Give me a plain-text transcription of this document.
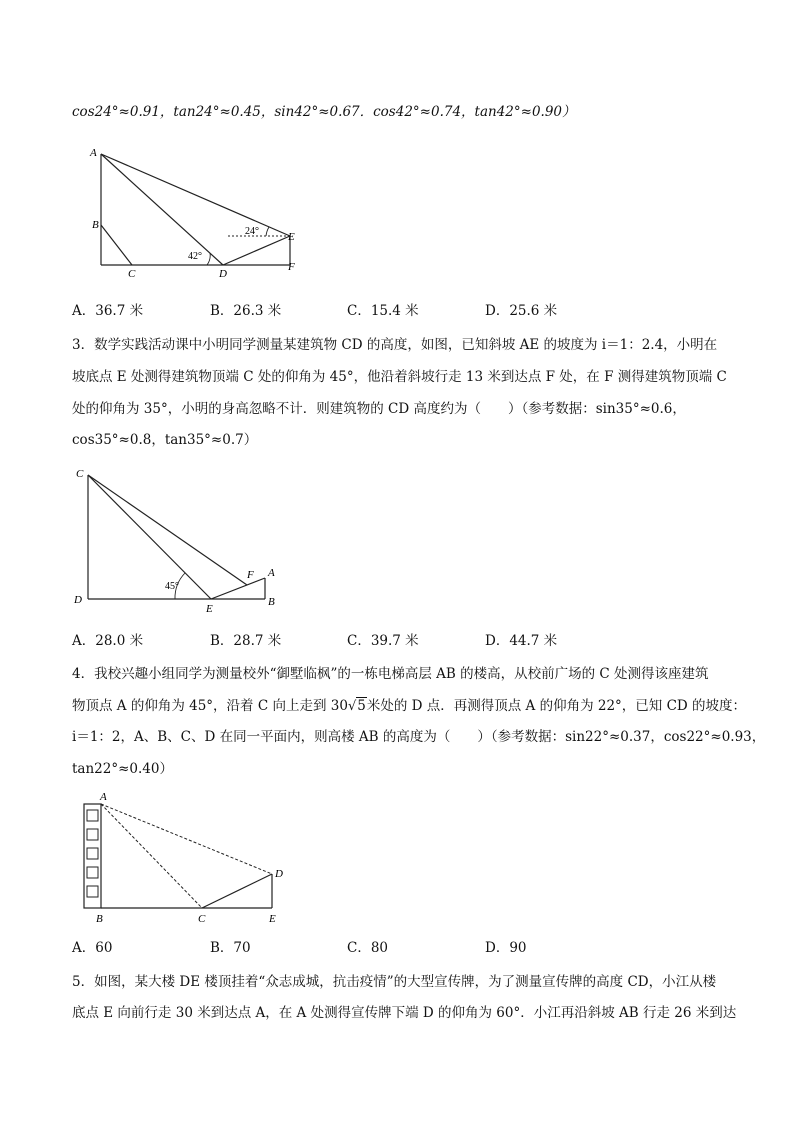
cos24°≈0.91，tan24°≈0.45，sin42°≈0.67．cos42°≈0.74，tan42°≈0.90）
A
B
C	D
E
F
24°
42°
A．36.7 米	B．26.3 米	C．15.4 米	D．25.6 米
3．数学实践活动课中小明同学测量某建筑物 CD 的高度，如图，已知斜坡 AE 的坡度为 i＝1：2.4，小明在
坡底点 E 处测得建筑物顶端 C 处的仰角为 45°，他沿着斜坡行走 13 米到达点 F 处，在 F 测得建筑物顶端 C
处的仰角为 35°，小明的身高忽略不计．则建筑物的 CD 高度约为（　　）（参考数据：sin35°≈0.6，
cos35°≈0.8，tan35°≈0.7）
C
D
E
F A
B
45°
A．28.0 米	B．28.7 米	C．39.7 米	D．44.7 米
4．我校兴趣小组同学为测量校外“御墅临枫”的一栋电梯高层 AB 的楼高，从校前广场的 C 处测得该座建筑
物顶点 A 的仰角为 45°，沿着 C 向上走到 30√5米处的 D 点．再测得顶点 A 的仰角为 22°，已知 CD 的坡度：
i＝1：2，A、B、C、D 在同一平面内，则高楼 AB 的高度为（　　）（参考数据：sin22°≈0.37，cos22°≈0.93，
tan22°≈0.40）
A
B	C
D
E
A．60	B．70	C．80	D．90
5．如图，某大楼 DE 楼顶挂着“众志成城，抗击疫情”的大型宣传牌，为了测量宣传牌的高度 CD，小江从楼
底点 E 向前行走 30 米到达点 A，在 A 处测得宣传牌下端 D 的仰角为 60°．小江再沿斜坡 AB 行走 26 米到达
